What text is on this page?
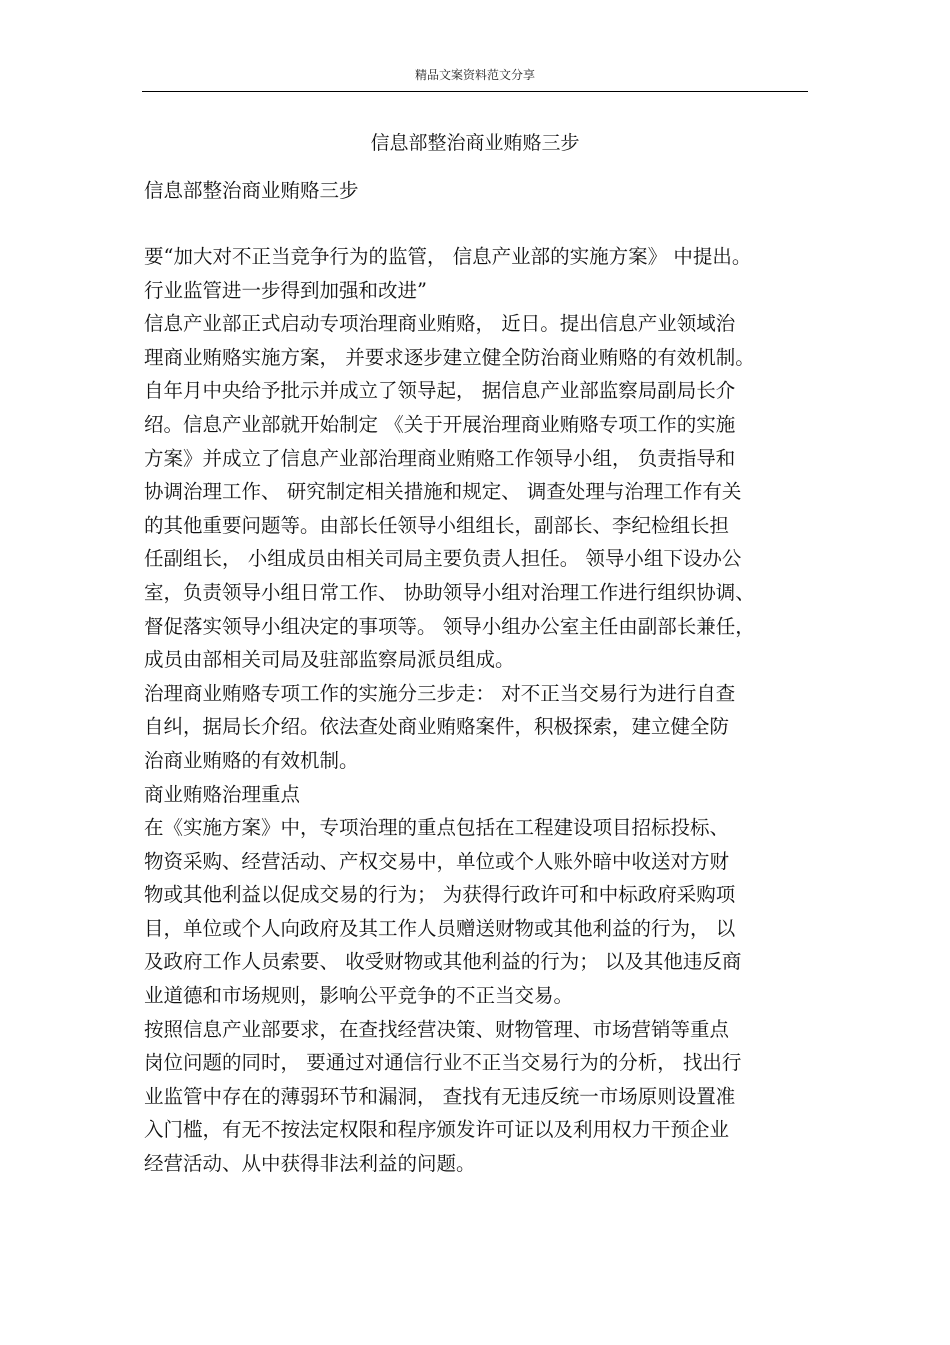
精品文案资料范文分享
信息部整治商业贿赂三步
信息部整治商业贿赂三步
要“加大对不正当竞争行为的监管， 信息产业部的实施方案》 中提出。
行业监管进一步得到加强和改进”
信息产业部正式启动专项治理商业贿赂， 近日。提出信息产业领域治
理商业贿赂实施方案， 并要求逐步建立健全防治商业贿赂的有效机制。
自年月中央给予批示并成立了领导起， 据信息产业部监察局副局长介
绍。信息产业部就开始制定 《关于开展治理商业贿赂专项工作的实施
方案》并成立了信息产业部治理商业贿赂工作领导小组， 负责指导和
协调治理工作、 研究制定相关措施和规定、 调查处理与治理工作有关
的其他重要问题等。由部长任领导小组组长，副部长、李纪检组长担
任副组长， 小组成员由相关司局主要负责人担任。 领导小组下设办公
室，负责领导小组日常工作、 协助领导小组对治理工作进行组织协调、
督促落实领导小组决定的事项等。 领导小组办公室主任由副部长兼任，
成员由部相关司局及驻部监察局派员组成。
治理商业贿赂专项工作的实施分三步走： 对不正当交易行为进行自查
自纠，据局长介绍。依法查处商业贿赂案件，积极探索，建立健全防
治商业贿赂的有效机制。
商业贿赂治理重点
在《实施方案》中，专项治理的重点包括在工程建设项目招标投标、
物资采购、经营活动、产权交易中，单位或个人账外暗中收送对方财
物或其他利益以促成交易的行为； 为获得行政许可和中标政府采购项
目，单位或个人向政府及其工作人员赠送财物或其他利益的行为， 以
及政府工作人员索要、 收受财物或其他利益的行为； 以及其他违反商
业道德和市场规则，影响公平竞争的不正当交易。
按照信息产业部要求，在查找经营决策、财物管理、市场营销等重点
岗位问题的同时， 要通过对通信行业不正当交易行为的分析， 找出行
业监管中存在的薄弱环节和漏洞， 查找有无违反统一市场原则设置准
入门槛，有无不按法定权限和程序颁发许可证以及利用权力干预企业
经营活动、从中获得非法利益的问题。
